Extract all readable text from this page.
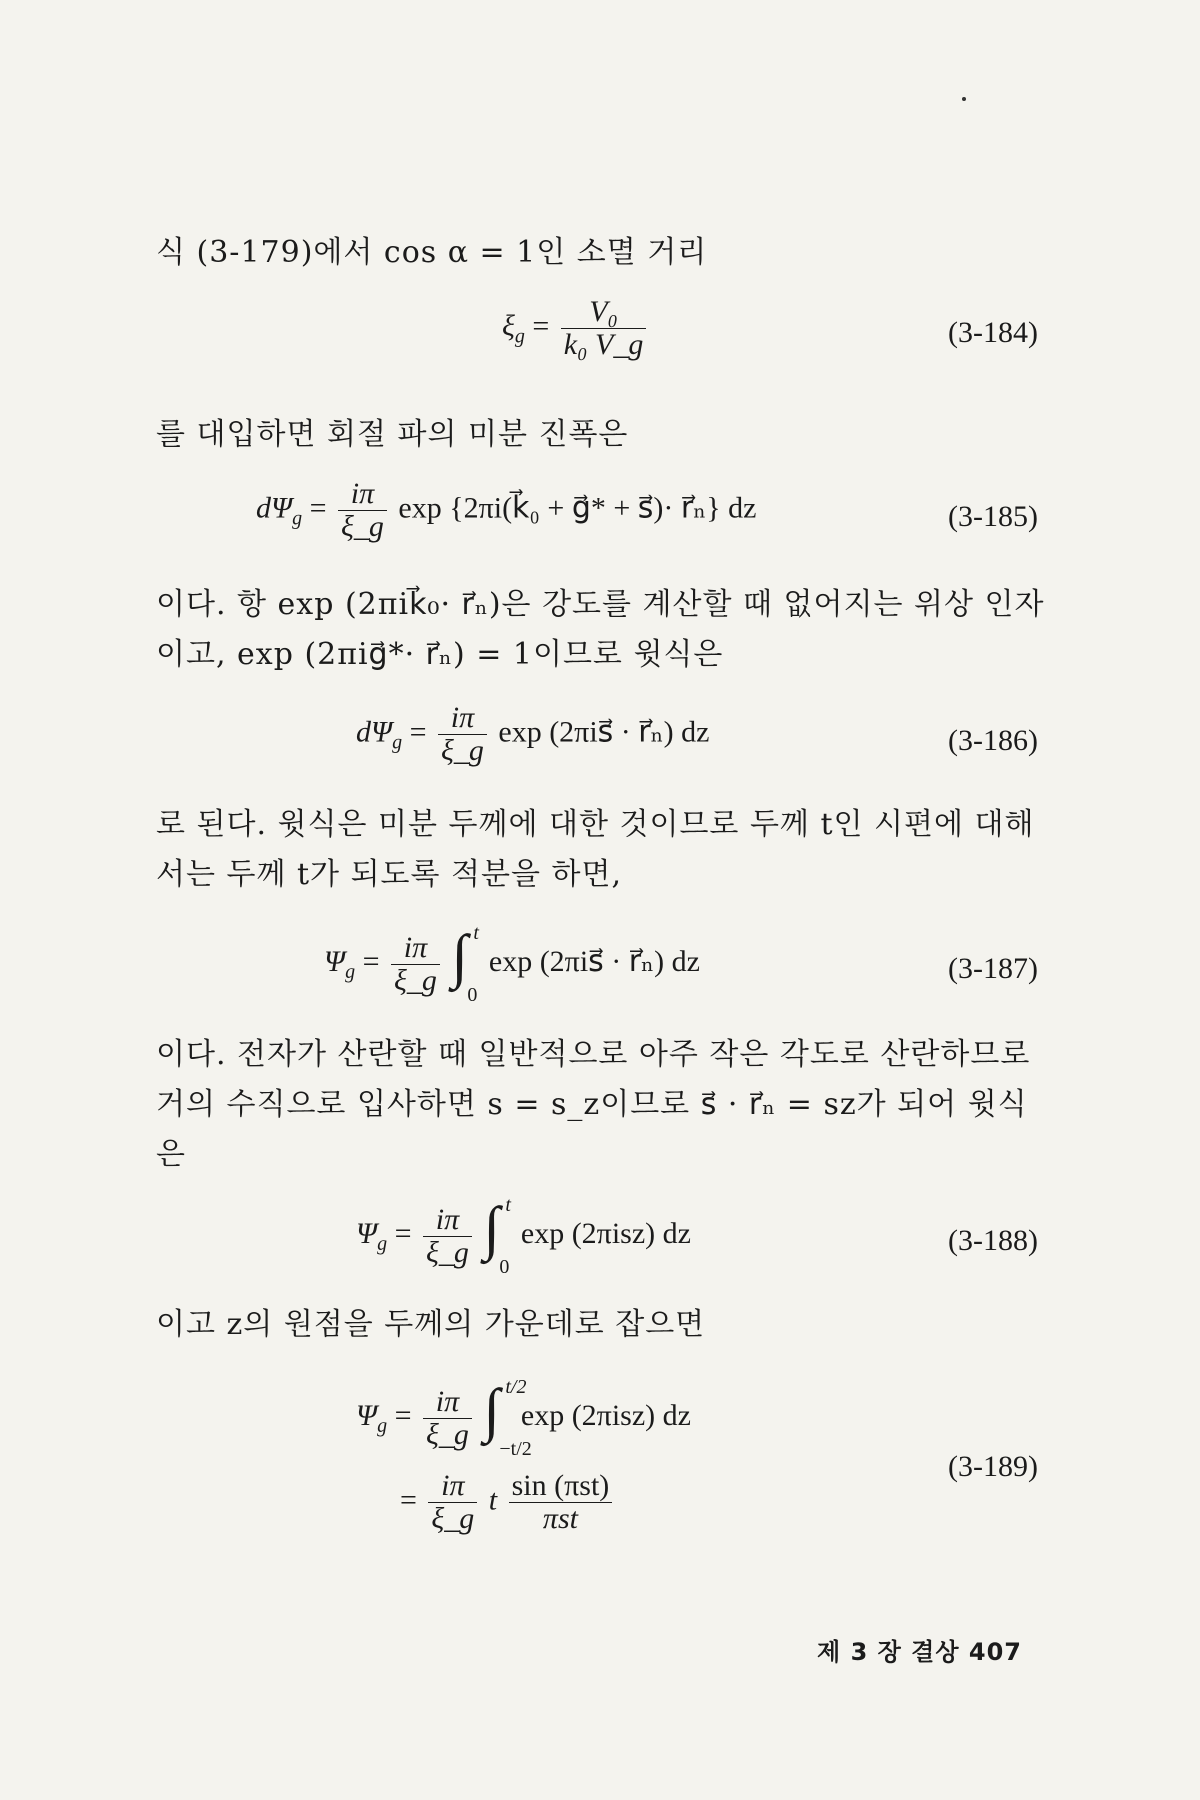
식 (3-179)에서 cos α = 1인 소멸 거리

$\xi_g = \frac{\text{V₀}}{\text{k₀ V\_g}}$	(3-184)

를 대입하면 회절 파의 미분 진폭은

$d\Psi_g = \frac{i\pi}{\xi\_g}$ exp {2πi(k⃗₀ + g⃗* + s⃗)· r⃗ₙ} dz	(3-185)

이다. 항 exp (2πik⃗₀· r⃗ₙ)은 강도를 계산할 때 없어지는 위상 인자이고, exp (2πig⃗*· r⃗ₙ) = 1이므로 윗식은

$d\Psi_g = \frac{i\pi}{\xi\_g}$ exp (2πis⃗ · r⃗ₙ) dz	(3-186)

로 된다. 윗식은 미분 두께에 대한 것이므로 두께 t인 시편에 대해서는 두께 t가 되도록 적분을 하면,

$\Psi_g = \frac{i\pi}{\xi\_g}$
∫ t
0
exp (2πis⃗ · r⃗ₙ) dz	(3-187)

이다. 전자가 산란할 때 일반적으로 아주 작은 각도로 산란하므로 거의 수직으로 입사하면 s = s_z이므로 s⃗ · r⃗ₙ = sz가 되어 윗식은

$\Psi_g = \frac{i\pi}{\xi\_g}$
∫ t
0
exp (2πisz) dz	(3-188)

이고 z의 원점을 두께의 가운데로 잡으면

$\Psi_g = \frac{i\pi}{\xi\_g}$
∫ t/2
−t/2
exp (2πisz) dz
= $\frac{i\pi}{\xi\_g}$ t $\frac{\text{sin (πst)}}{\text{πst}}$
(3-189)
제 3 장 결상 407
